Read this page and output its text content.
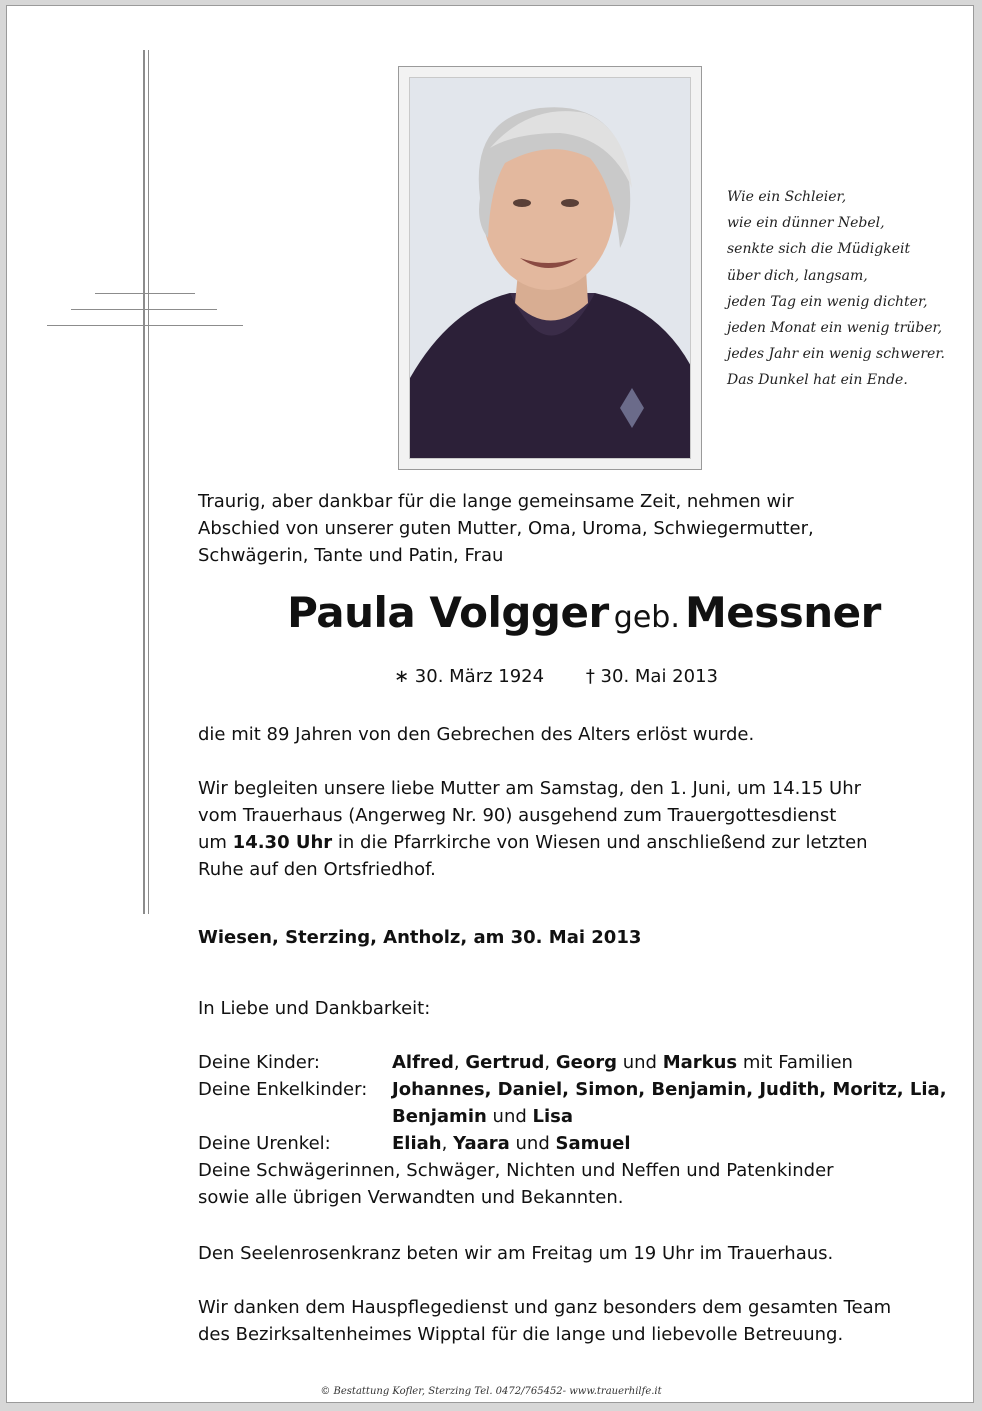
Wie ein Schleier,
wie ein dünner Nebel,
senkte sich die Müdigkeit
über dich, langsam,
jeden Tag ein wenig dichter,
jeden Monat ein wenig trüber,
jedes Jahr ein wenig schwerer.
Das Dunkel hat ein Ende.
Traurig, aber dankbar für die lange gemeinsame Zeit, nehmen wir
Abschied von unserer guten Mutter, Oma, Uroma, Schwiegermutter,
Schwägerin, Tante und Patin, Frau
Paula Volgger geb. Messner
∗ 30. März 1924 † 30. Mai 2013
die mit 89 Jahren von den Gebrechen des Alters erlöst wurde.
Wir begleiten unsere liebe Mutter am Samstag, den 1. Juni, um 14.15 Uhr
vom Trauerhaus (Angerweg Nr. 90) ausgehend zum Trauergottesdienst
um 14.30 Uhr in die Pfarrkirche von Wiesen und anschließend zur letzten
Ruhe auf den Ortsfriedhof.
Wiesen, Sterzing, Antholz, am 30. Mai 2013
In Liebe und Dankbarkeit:
Deine Kinder:	Alfred, Gertrud, Georg und Markus mit Familien
Deine Enkelkinder:	Johannes, Daniel, Simon, Benjamin, Judith, Moritz, Lia,
Benjamin und Lisa
Deine Urenkel:	Eliah, Yaara und Samuel
Deine Schwägerinnen, Schwäger, Nichten und Neffen und Patenkinder
sowie alle übrigen Verwandten und Bekannten.
Den Seelenrosenkranz beten wir am Freitag um 19 Uhr im Trauerhaus.
Wir danken dem Hauspflegedienst und ganz besonders dem gesamten Team
des Bezirksaltenheimes Wipptal für die lange und liebevolle Betreuung.
© Bestattung Kofler, Sterzing Tel. 0472/765452- www.trauerhilfe.it
